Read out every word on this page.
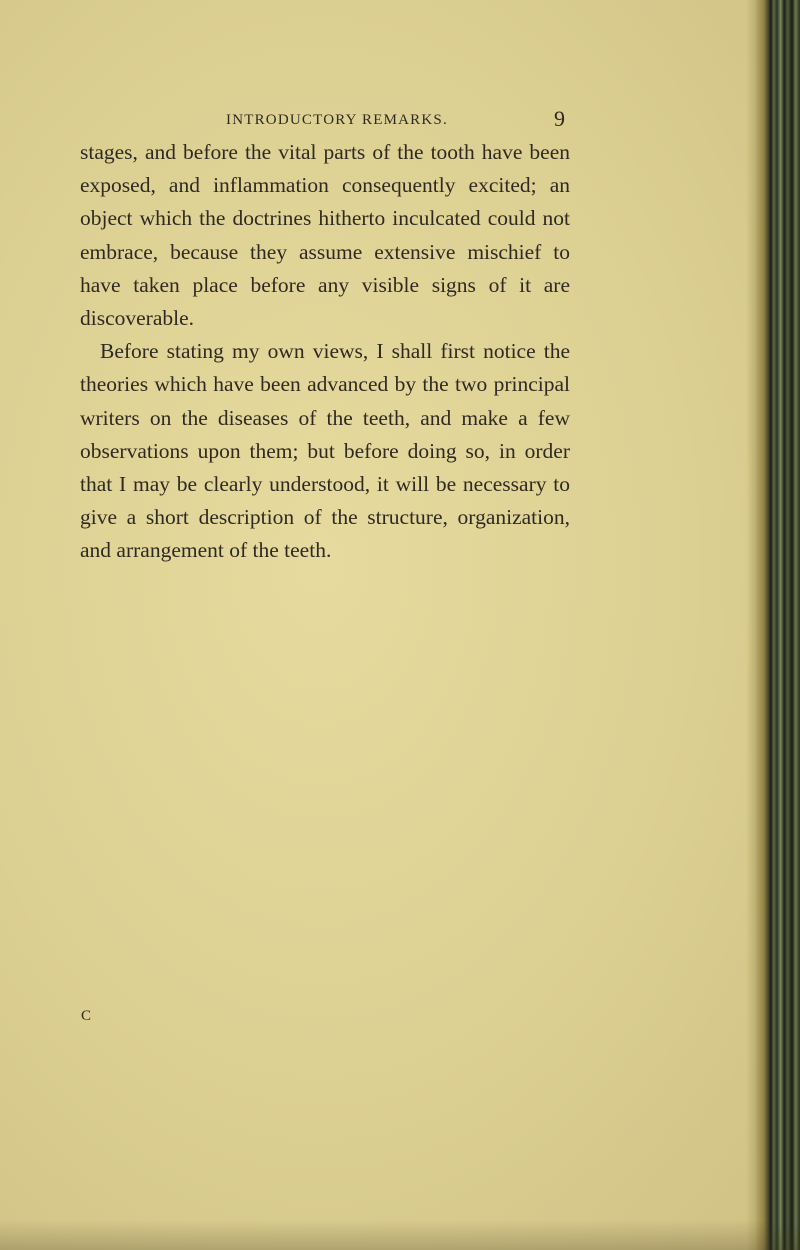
INTRODUCTORY REMARKS.	9

stages, and before the vital parts of the tooth have been exposed, and inflammation consequently excited; an object which the doctrines hitherto inculcated could not embrace, because they assume extensive mischief to have taken place before any visible signs of it are discoverable.

Before stating my own views, I shall first notice the theories which have been advanced by the two principal writers on the diseases of the teeth, and make a few observations upon them; but before doing so, in order that I may be clearly understood, it will be necessary to give a short description of the structure, organization, and arrangement of the teeth.

C
